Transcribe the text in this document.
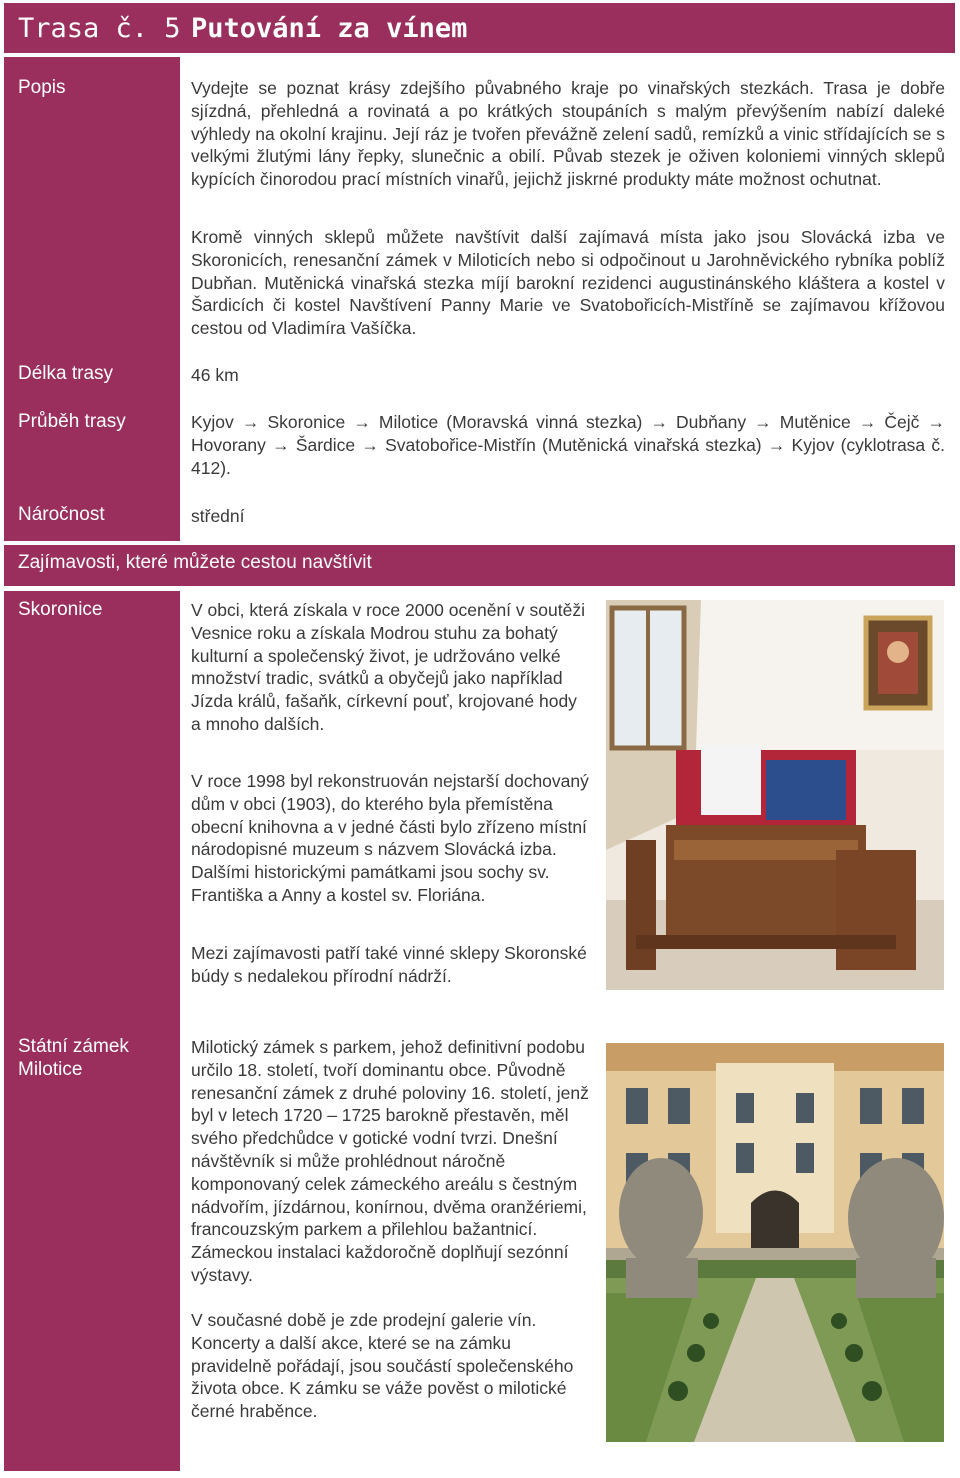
Trasa č. 5 Putování za vínem
Popis
Délka trasy
Průběh trasy
Náročnost
Vydejte se poznat krásy zdejšího půvabného kraje po vinařských stezkách. Trasa je dobře sjízdná, přehledná a rovinatá a po krátkých stoupáních s malým převýšením nabízí daleké výhledy na okolní krajinu. Její ráz je tvořen převážně zelení sadů, remízků a vinic střídajících se s velkými žlutými lány řepky, slunečnic a obilí. Půvab stezek je oživen koloniemi vinných sklepů kypících činorodou prací místních vinařů, jejichž jiskrné produkty máte možnost ochutnat.
Kromě vinných sklepů můžete navštívit další zajímavá místa jako jsou Slovácká izba ve Skoronicích, renesanční zámek v Miloticích nebo si odpočinout u Jarohněvického rybníka poblíž Dubňan. Mutěnická vinařská stezka míjí barokní rezidenci augustinánského kláštera a kostel v Šardicích či kostel Navštívení Panny Marie ve Svatobořicích-Mistříně se zajímavou křížovou cestou od Vladimíra Vašíčka.
46 km
Kyjov → Skoronice → Milotice (Moravská vinná stezka) → Dubňany → Mutěnice → Čejč → Hovorany → Šardice → Svatobořice-Mistřín (Mutěnická vinařská stezka) → Kyjov (cyklotrasa č. 412).
střední
Zajímavosti, které můžete cestou navštívit
Skoronice
Státní zámek Milotice
V obci, která získala v roce 2000 ocenění v soutěži Vesnice roku a získala Modrou stuhu za bohatý kulturní a společenský život, je udržováno velké množství tradic, svátků a obyčejů jako například Jízda králů, fašaňk, církevní pouť, krojované hody a mnoho dalších.
V roce 1998 byl rekonstruován nejstarší dochovaný dům v obci (1903), do kterého byla přemístěna obecní knihovna a v jedné části bylo zřízeno místní národopisné muzeum s názvem Slovácká izba. Dalšími historickými památkami jsou sochy sv. Františka a Anny a kostel sv. Floriána.
Mezi zajímavosti patří také vinné sklepy Skoronské búdy s nedalekou přírodní nádrží.
Milotický zámek s parkem, jehož definitivní podobu určilo 18. století, tvoří dominantu obce. Původně renesanční zámek z druhé poloviny 16. století, jenž byl v letech 1720 – 1725 barokně přestavěn, měl svého předchůdce v gotické vodní tvrzi. Dnešní návštěvník si může prohlédnout náročně komponovaný celek zámeckého areálu s čestným nádvořím, jízdárnou, konírnou, dvěma oranžériemi, francouzským parkem a přilehlou bažantnicí. Zámeckou instalaci každoročně doplňují sezónní výstavy.
V současné době je zde prodejní galerie vín. Koncerty a další akce, které se na zámku pravidelně pořádají, jsou součástí společenského života obce. K zámku se váže pověst o milotické černé hraběnce.
